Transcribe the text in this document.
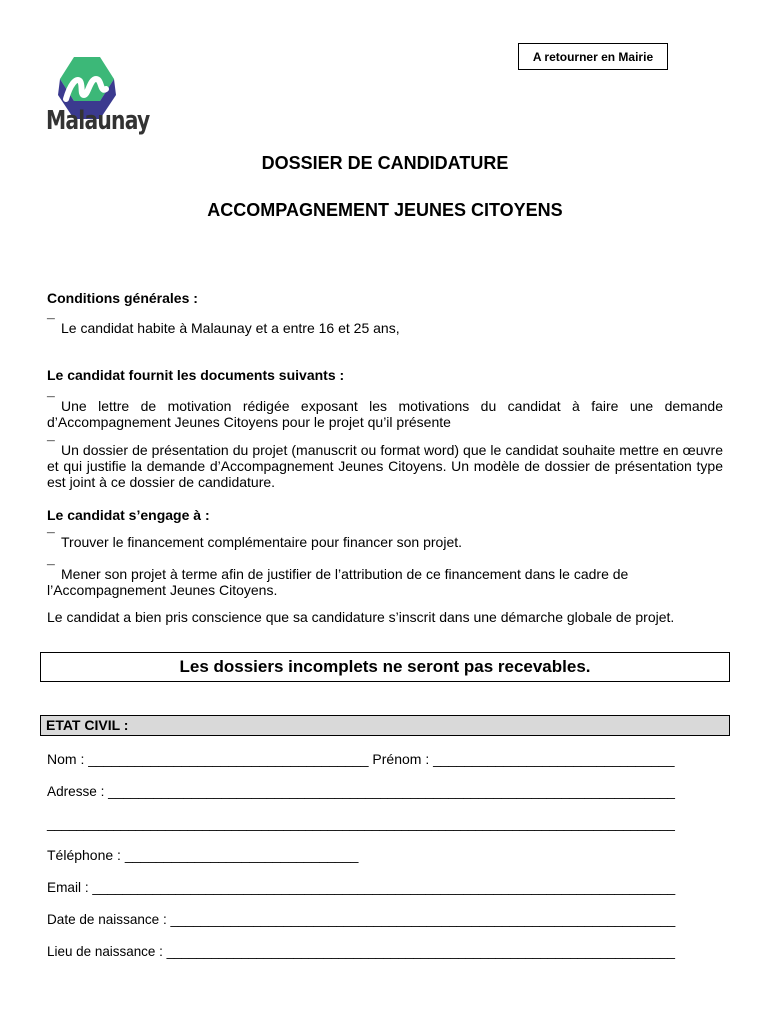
Malaunay
A retourner en Mairie
DOSSIER DE CANDIDATURE
ACCOMPAGNEMENT JEUNES CITOYENS
Conditions générales :
¯ Le candidat habite à Malaunay et a entre 16 et 25 ans,
Le candidat fournit les documents suivants :
¯ Une lettre de motivation rédigée exposant les motivations du candidat à faire une demande d’Accompagnement Jeunes Citoyens pour le projet qu’il présente
¯ Un dossier de présentation du projet (manuscrit ou format word) que le candidat souhaite mettre en œuvre et qui justifie la demande d’Accompagnement Jeunes Citoyens. Un modèle de dossier de présentation type est joint à ce dossier de candidature.
Le candidat s’engage à :
¯ Trouver le financement complémentaire pour financer son projet.
¯ Mener son projet à terme afin de justifier de l’attribution de ce financement dans le cadre de l’Accompagnement Jeunes Citoyens.
Le candidat a bien pris conscience que sa candidature s’inscrit dans une démarche globale de projet.
Les dossiers incomplets ne seront pas recevables.
ETAT CIVIL :
Nom : ____________________________________ Prénom : _______________________________
Adresse : ___________________________________________________________________________
_____________________________________________________________________________________
Téléphone : ______________________________
Email : _____________________________________________________________________________
Date de naissance : ___________________________________________________________________
Lieu de naissance : ____________________________________________________________________
